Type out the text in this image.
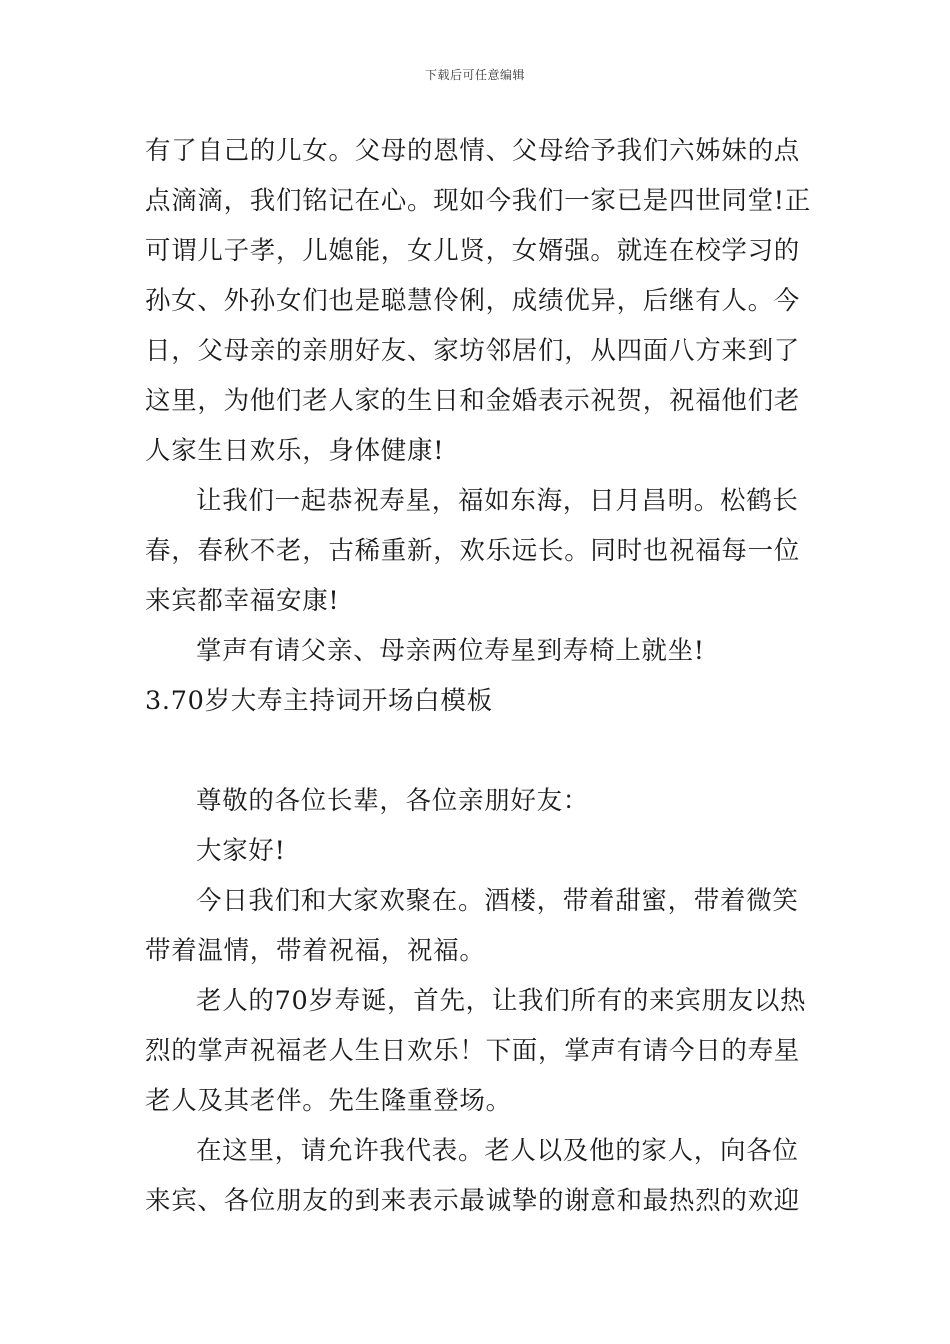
下载后可任意编辑
有了自己的儿女。父母的恩情、父母给予我们六姊妹的点
点滴滴，我们铭记在心。现如今我们一家已是四世同堂!正
可谓儿子孝，儿媳能，女儿贤，女婿强。就连在校学习的
孙女、外孙女们也是聪慧伶俐，成绩优异，后继有人。今
日，父母亲的亲朋好友、家坊邻居们，从四面八方来到了
这里，为他们老人家的生日和金婚表示祝贺，祝福他们老
人家生日欢乐，身体健康!
让我们一起恭祝寿星，福如东海，日月昌明。松鹤长
春，春秋不老，古稀重新，欢乐远长。同时也祝福每一位
来宾都幸福安康!
掌声有请父亲、母亲两位寿星到寿椅上就坐!
3.70岁大寿主持词开场白模板
尊敬的各位长辈，各位亲朋好友：
大家好!
今日我们和大家欢聚在。酒楼，带着甜蜜，带着微笑
带着温情，带着祝福，祝福。
老人的70岁寿诞，首先，让我们所有的来宾朋友以热
烈的掌声祝福老人生日欢乐！下面，掌声有请今日的寿星
老人及其老伴。先生隆重登场。
在这里，请允许我代表。老人以及他的家人，向各位
来宾、各位朋友的到来表示最诚挚的谢意和最热烈的欢迎
